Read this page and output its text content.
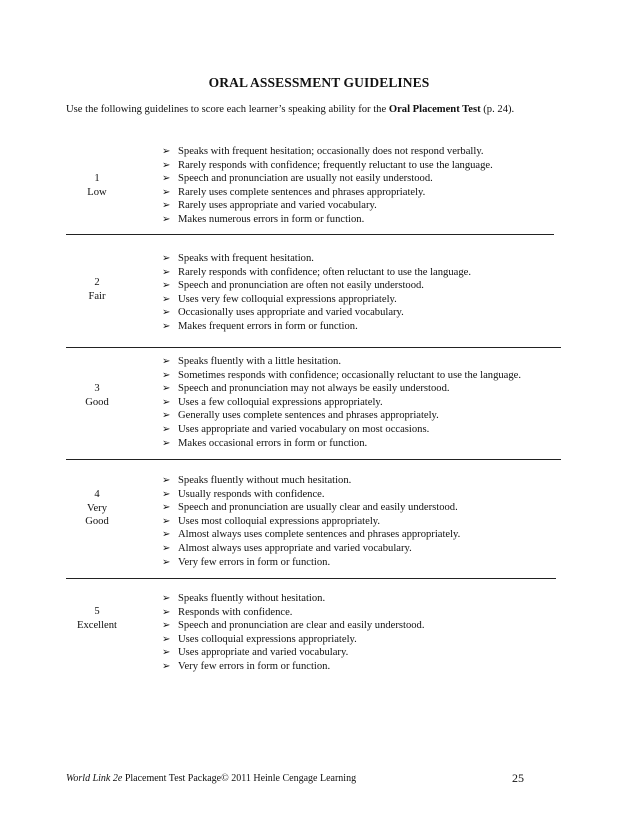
ORAL ASSESSMENT GUIDELINES
Use the following guidelines to score each learner’s speaking ability for the Oral Placement Test (p. 24).
1
Low
➢ Speaks with frequent hesitation; occasionally does not respond verbally.
➢ Rarely responds with confidence; frequently reluctant to use the language.
➢ Speech and pronunciation are usually not easily understood.
➢ Rarely uses complete sentences and phrases appropriately.
➢ Rarely uses appropriate and varied vocabulary.
➢ Makes numerous errors in form or function.
2
Fair
➢ Speaks with frequent hesitation.
➢ Rarely responds with confidence; often reluctant to use the language.
➢ Speech and pronunciation are often not easily understood.
➢ Uses very few colloquial expressions appropriately.
➢ Occasionally uses appropriate and varied vocabulary.
➢ Makes frequent errors in form or function.
3
Good
➢ Speaks fluently with a little hesitation.
➢ Sometimes responds with confidence; occasionally reluctant to use the language.
➢ Speech and pronunciation may not always be easily understood.
➢ Uses a few colloquial expressions appropriately.
➢ Generally uses complete sentences and phrases appropriately.
➢ Uses appropriate and varied vocabulary on most occasions.
➢ Makes occasional errors in form or function.
4
Very
Good
➢ Speaks fluently without much hesitation.
➢ Usually responds with confidence.
➢ Speech and pronunciation are usually clear and easily understood.
➢ Uses most colloquial expressions appropriately.
➢ Almost always uses complete sentences and phrases appropriately.
➢ Almost always uses appropriate and varied vocabulary.
➢ Very few errors in form or function.
5
Excellent
➢ Speaks fluently without hesitation.
➢ Responds with confidence.
➢ Speech and pronunciation are clear and easily understood.
➢ Uses colloquial expressions appropriately.
➢ Uses appropriate and varied vocabulary.
➢ Very few errors in form or function.
World Link 2e Placement Test Package© 2011 Heinle Cengage Learning	25
